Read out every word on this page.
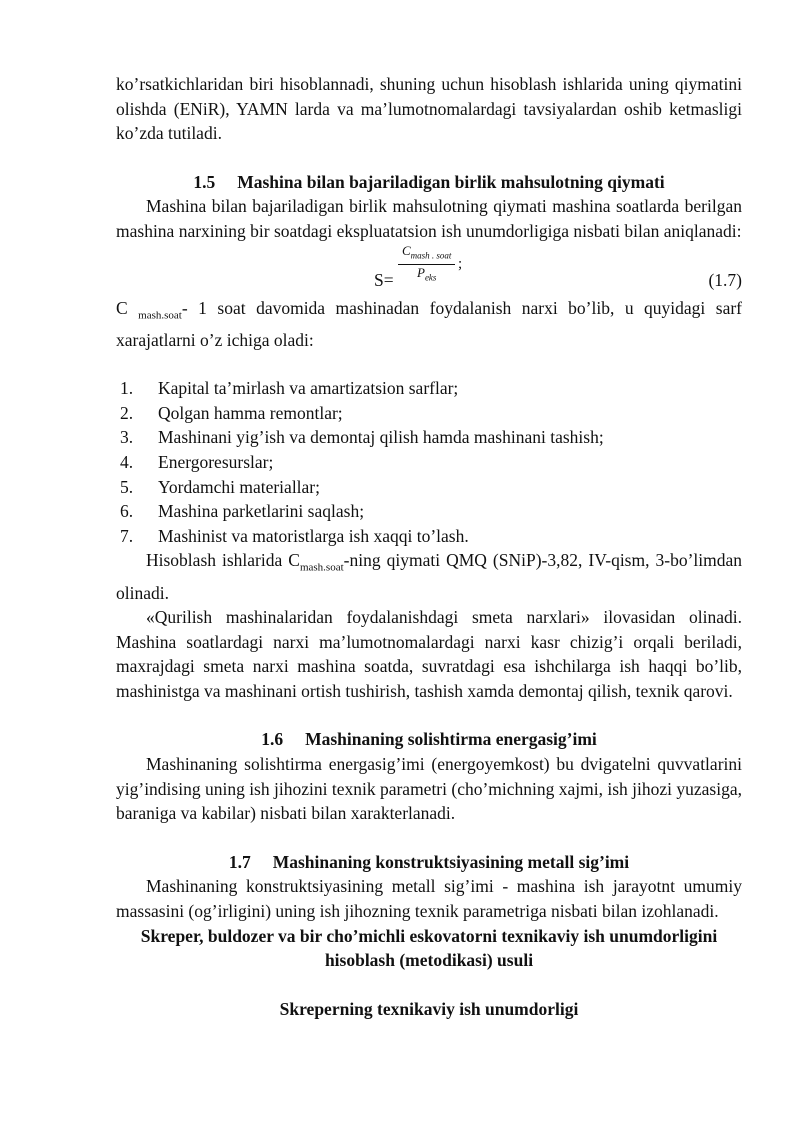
ko’rsatkichlaridan biri hisoblannadi, shuning uchun hisoblash ishlarida uning qiymatini olishda (ENiR), YAMN larda va ma’lumotnomalardagi tavsiyalardan oshib ketmasligi ko’zda tutiladi.

1.5 Mashina bilan bajariladigan birlik mahsulotning qiymati

Mashina bilan bajariladigan birlik mahsulotning qiymati mashina soatlarda berilgan mashina narxining bir soatdagi ekspluatatsion ish unumdorligiga nisbati bilan aniqlanadi:

$C_{mash . soat}$
$P_{eks}$
;
S=	(1.7)

C $_{mash.soat}$- 1 soat davomida mashinadan foydalanish narxi bo’lib, u quyidagi sarf xarajatlarni o’z ichiga oladi:

1. Kapital ta’mirlash va amartizatsion sarflar;
2. Qolgan hamma remontlar;
3. Mashinani yig’ish va demontaj qilish hamda mashinani tashish;
4. Energoresurslar;
5. Yordamchi materiallar;
6. Mashina parketlarini saqlash;
7. Mashinist va matoristlarga ish xaqqi to’lash.

Hisoblash ishlarida $C_{mash.soat}$-ning qiymati QMQ (SNiP)-3,82, IV-qism, 3-bo’limdan olinadi.

«Qurilish mashinalaridan foydalanishdagi smeta narxlari» ilovasidan olinadi. Mashina soatlardagi narxi ma’lumotnomalardagi narxi kasr chizig’i orqali beriladi, maxrajdagi smeta narxi mashina soatda, suvratdagi esa ishchilarga ish haqqi bo’lib, mashinistga va mashinani ortish tushirish, tashish xamda demontaj qilish, texnik qarovi.

1.6 Mashinaning solishtirma energasig’imi

Mashinaning solishtirma energasig’imi (energoyemkost) bu dvigatelni quvvatlarini yig’indising uning ish jihozini texnik parametri (cho’michning xajmi, ish jihozi yuzasiga, baraniga va kabilar) nisbati bilan xarakterlanadi.

1.7 Mashinaning konstruktsiyasining metall sig’imi

Mashinaning konstruktsiyasining metall sig’imi - mashina ish jarayotnt umumiy massasini (og’irligini) uning ish jihozning texnik parametriga nisbati bilan izohlanadi.

Skreper, buldozer va bir cho’michli eskovatorni texnikaviy ish unumdorligini hisoblash (metodikasi) usuli

Skreperning texnikaviy ish unumdorligi
